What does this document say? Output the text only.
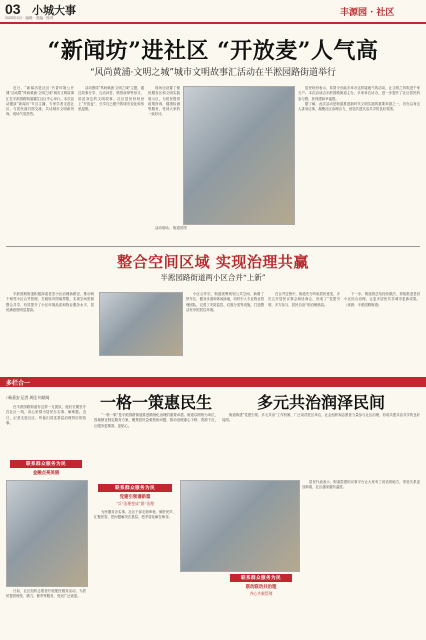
03 小城大事
2025年3月 · 编辑 · 美编 · 校对	丰源园 · 社区
“新闻坊”进社区 “开放麦”人气高
“风尚黄浦·文明之城”城市文明故事汇活动在半淞园路街道举行

近日，“新闻坊进社区·书香环境公开课”活动暨“风尚黄浦·文明之城”城市文明故事汇在半淞园路街道耀江社区中心举行。本次活动邀请“新闻坊”节目主播、专家学者走进社区，与居民面对面交流，共话城市文明新风尚，现场气氛热烈。

活动围绕“风尚黄浦·文明之城”主题，通过故事分享、互动问答、情景演绎等形式，讲述身边的文明故事。社区居民纷纷登上“开放麦”，分享自己眼中的城市变化和邻里温情。

现场还设置了便民服务区和文明实践展示区，为居民提供政策咨询、健康检测等服务，受到大家的一致好评。

活动现场。 街道供图

居民纷纷表示，希望今后能多举办这样接地气的活动，让文明之风吹进千家万户。本次活动由半淞园路街道主办，多家单位协办，进一步提升了社区居民的参与感、获得感和幸福感。

据了解，此次活动是街道推进新时代文明实践的重要举措之一，旨在以身边人讲身边事，凝聚社区治理合力，营造共建共治共享的良好氛围。

整合空间区域 实现治理共赢
半淞园路街道两小区合并“上新”

半淞园路街道积极探索老旧小区治理新路径，推动两个相邻小区合并管理，打破原有围墙界限，实现空间资源整合共享，有效提升了小区环境品质和物业服务水平，居民满意度明显提高。

小区合并后，街道统筹规划公共空间，新增了停车位、健身步道和休闲绿地，同时引入专业物业管理团队，完善了安防监控、垃圾分类等设施，打造整洁有序的居住环境。

在合并过程中，街道充分听取居民意见，多次召开居民议事会和协商会，形成了“党建引领、多方参与、居民自治”的治理格局。

下一步，街道将总结经验做法，持续推进老旧小区综合治理，让更多居民共享城市更新成果。 （来源：半淞园路街道）

多栏合一
□杨嘉安 记者 周佳 何晓琦

在半淞园路街道有这样一支团队，他们长期坚守在社区一线，用心用情为居民办实事、解难题。近日，记者走进社区，听他们讲述基层治理背后的故事。

联系群众服务为民
金融点亮美丽

日前，社区组织志愿者开展便民服务活动，为居民提供理发、磨刀、修伞等服务，受到广泛欢迎。

一格一策惠民生

“一格一策”是半淞园路街道推进精细化治理的重要举措。街道以网格为单位，因地制宜制定服务方案，聚焦居民急难愁盼问题，推动治理重心下移、资源下沉，让服务更精准、更贴心。

联系群众服务为民
党建引领谱新篇
“兵”治理变成“群”治理

为民服务办实事，社区干部走街串巷，倾听民声、汇聚民智，把问题解决在基层、把矛盾化解在萌芽。

多元共治润泽民间

街道构建“党建引领、多元共治”工作机制，广泛动员驻区单位、社会组织和志愿者力量参与社区治理，形成共建共治共享的良好局面。

居民代表表示，街道搭建的议事平台让大家有了说话的地方，邻里关系更加和谐，社区越来越有温度。

联系群众服务为民
联动联动共治理
齐心共聚帮理
